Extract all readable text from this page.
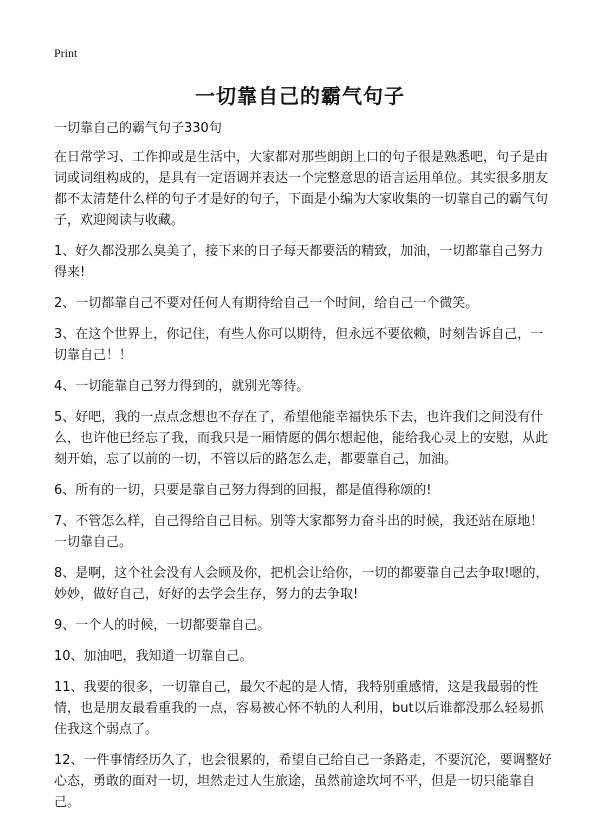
Print
一切靠自己的霸气句子

一切靠自己的霸气句子330句

在日常学习、工作抑或是生活中，大家都对那些朗朗上口的句子很是熟悉吧，句子是由词或词组构成的，是具有一定语调并表达一个完整意思的语言运用单位。其实很多朋友都不太清楚什么样的句子才是好的句子，下面是小编为大家收集的一切靠自己的霸气句子，欢迎阅读与收藏。

1、好久都没那么臭美了，接下来的日子每天都要活的精致，加油，一切都靠自己努力得来!

2、一切都靠自己不要对任何人有期待给自己一个时间，给自己一个微笑。

3、在这个世界上，你记住，有些人你可以期待，但永远不要依赖，时刻告诉自己，一切靠自己！！

4、一切能靠自己努力得到的，就别光等待。

5、好吧，我的一点点念想也不存在了，希望他能幸福快乐下去，也许我们之间没有什么，也许他已经忘了我，而我只是一厢情愿的偶尔想起他，能给我心灵上的安慰，从此刻开始，忘了以前的一切，不管以后的路怎么走，都要靠自己，加油。

6、所有的一切，只要是靠自己努力得到的回报，都是值得称颂的!

7、不管怎么样，自己得给自己目标。别等大家都努力奋斗出的时候，我还站在原地！一切靠自己。

8、是啊，这个社会没有人会顾及你，把机会让给你，一切的都要靠自己去争取!嗯的，妙妙，做好自己，好好的去学会生存，努力的去争取!

9、一个人的时候，一切都要靠自己。

10、加油吧，我知道一切靠自己。

11、我要的很多，一切靠自己，最欠不起的是人情，我特别重感情，这是我最弱的性情，也是朋友最看重我的一点，容易被心怀不轨的人利用，but以后谁都没那么轻易抓住我这个弱点了。

12、一件事情经历久了，也会很累的，希望自己给自己一条路走，不要沉沦，要调整好心态，勇敢的面对一切，坦然走过人生旅途，虽然前途坎坷不平，但是一切只能靠自己。
